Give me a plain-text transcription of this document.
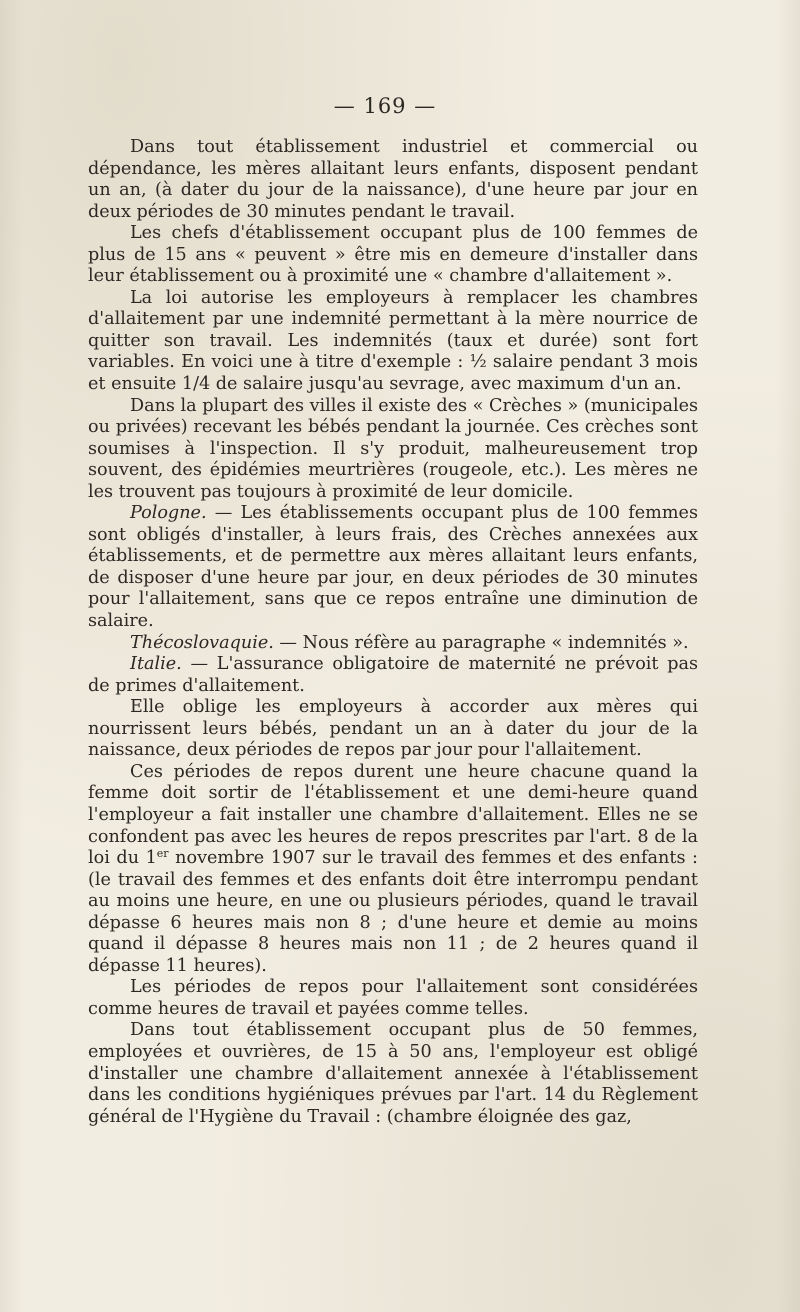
— 169 —

Dans tout établissement industriel et commercial ou dépendance, les mères allaitant leurs enfants, disposent pendant un an, (à dater du jour de la naissance), d'une heure par jour en deux périodes de 30 minutes pendant le travail.

Les chefs d'établissement occupant plus de 100 femmes de plus de 15 ans « peuvent » être mis en demeure d'installer dans leur établissement ou à proximité une « chambre d'allaitement ».

La loi autorise les employeurs à remplacer les chambres d'allaitement par une indemnité permettant à la mère nourrice de quitter son travail. Les indemnités (taux et durée) sont fort variables. En voici une à titre d'exemple : ½ salaire pendant 3 mois et ensuite 1/4 de salaire jusqu'au sevrage, avec maximum d'un an.

Dans la plupart des villes il existe des « Crèches » (municipales ou privées) recevant les bébés pendant la journée. Ces crèches sont soumises à l'inspection. Il s'y produit, malheureusement trop souvent, des épidémies meurtrières (rougeole, etc.). Les mères ne les trouvent pas toujours à proximité de leur domicile.

Pologne. — Les établissements occupant plus de 100 femmes sont obligés d'installer, à leurs frais, des Crèches annexées aux établissements, et de permettre aux mères allaitant leurs enfants, de disposer d'une heure par jour, en deux périodes de 30 minutes pour l'allaitement, sans que ce repos entraîne une diminution de salaire.

Thécoslovaquie. — Nous réfère au paragraphe « indemnités ».

Italie. — L'assurance obligatoire de maternité ne prévoit pas de primes d'allaitement.

Elle oblige les employeurs à accorder aux mères qui nourrissent leurs bébés, pendant un an à dater du jour de la naissance, deux périodes de repos par jour pour l'allaitement.

Ces périodes de repos durent une heure chacune quand la femme doit sortir de l'établissement et une demi-heure quand l'employeur a fait installer une chambre d'allaitement. Elles ne se confondent pas avec les heures de repos prescrites par l'art. 8 de la loi du 1er novembre 1907 sur le travail des femmes et des enfants : (le travail des femmes et des enfants doit être interrompu pendant au moins une heure, en une ou plusieurs périodes, quand le travail dépasse 6 heures mais non 8 ; d'une heure et demie au moins quand il dépasse 8 heures mais non 11 ; de 2 heures quand il dépasse 11 heures).

Les périodes de repos pour l'allaitement sont considérées comme heures de travail et payées comme telles.

Dans tout établissement occupant plus de 50 femmes, employées et ouvrières, de 15 à 50 ans, l'employeur est obligé d'installer une chambre d'allaitement annexée à l'établissement dans les conditions hygiéniques prévues par l'art. 14 du Règlement général de l'Hygiène du Travail : (chambre éloignée des gaz,
